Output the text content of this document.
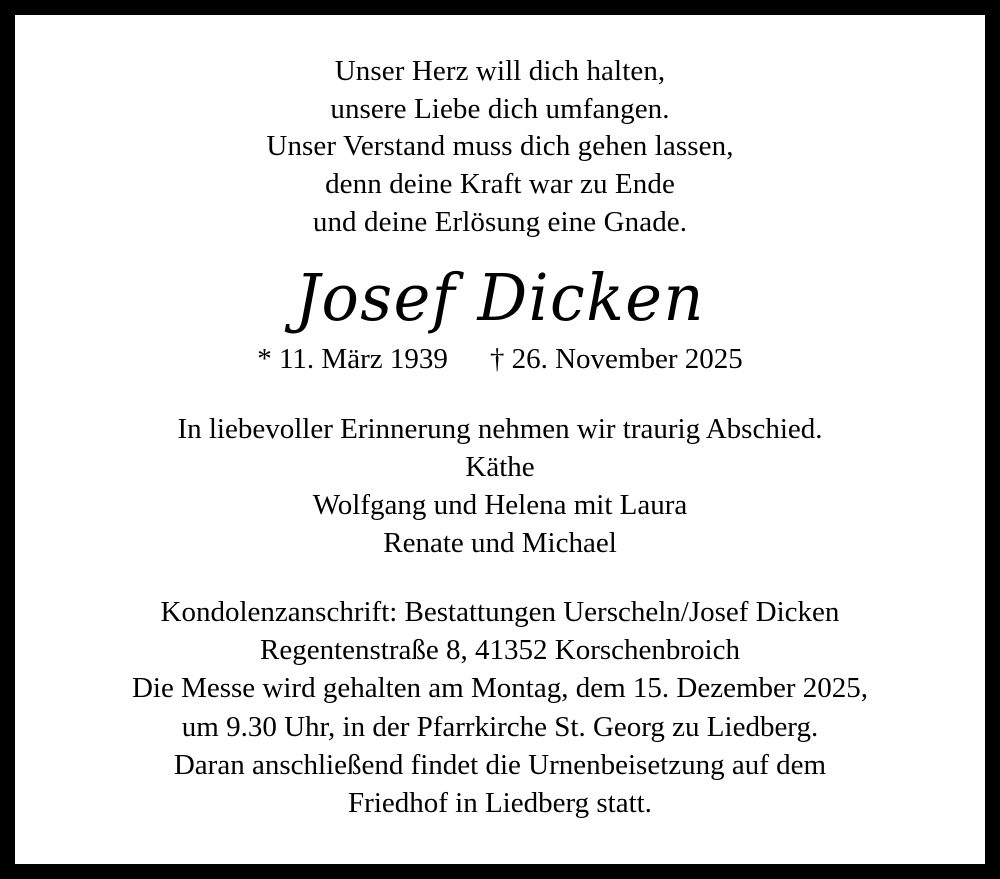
Unser Herz will dich halten,
unsere Liebe dich umfangen.
Unser Verstand muss dich gehen lassen,
denn deine Kraft war zu Ende
und deine Erlösung eine Gnade.
Josef Dicken
* 11. März 1939 † 26. November 2025
In liebevoller Erinnerung nehmen wir traurig Abschied.
Käthe
Wolfgang und Helena mit Laura
Renate und Michael
Kondolenzanschrift: Bestattungen Uerscheln/Josef Dicken
Regentenstraße 8, 41352 Korschenbroich
Die Messe wird gehalten am Montag, dem 15. Dezember 2025,
um 9.30 Uhr, in der Pfarrkirche St. Georg zu Liedberg.
Daran anschließend findet die Urnenbeisetzung auf dem
Friedhof in Liedberg statt.
